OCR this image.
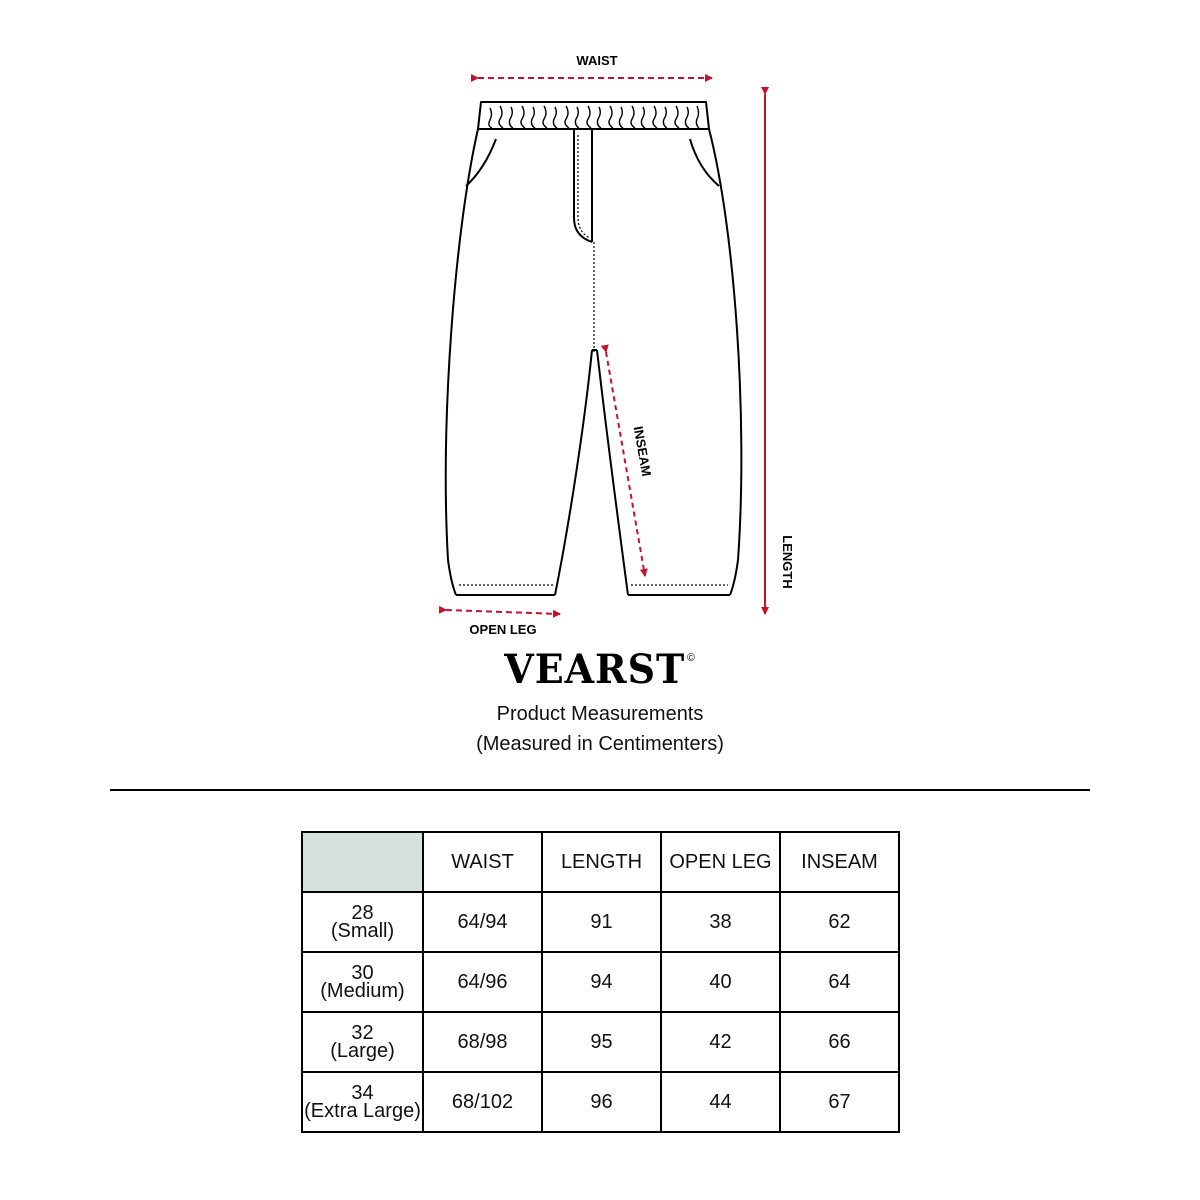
WAIST
LENGTH
INSEAM
OPEN LEG
VEARST ©
Product Measurements
(Measured in Centimenters)
	WAIST	LENGTH	OPEN LEG	INSEAM

28
(Small)	64/94	91	38	62

30
(Medium)	64/96	94	40	64

32
(Large)	68/98	95	42	66

34
(Extra Large)	68/102	96	44	67
